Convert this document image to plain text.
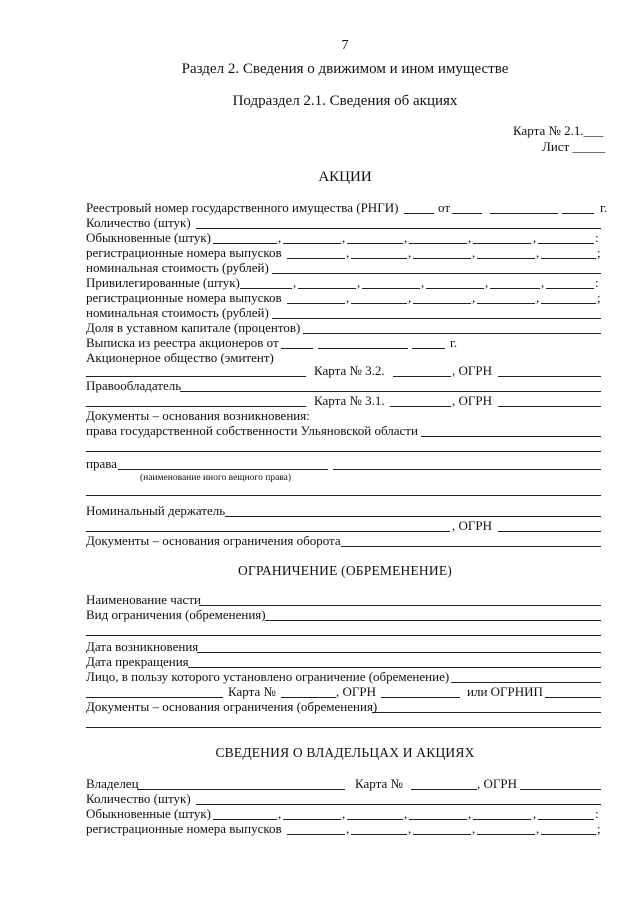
7
Раздел 2. Сведения о движимом и ином имуществе
Подраздел 2.1. Сведения об акциях
Карта № 2.1.___
Лист _____
АКЦИИ
Реестровый номер государственного имущества (РНГИ)	от	г.
Количество (штук)
Обыкновенные (штук)	,	,	,	,	,	:
регистрационные номера выпусков	,	,	,	,	;
номинальная стоимость (рублей)
Привилегированные (штук)	,	,	,	,	,	:
регистрационные номера выпусков	,	,	,	,	;
номинальная стоимость (рублей)
Доля в уставном капитале (процентов)
Выписка из реестра акционеров от	г.
Акционерное общество (эмитент)
Карта № 3.2.	, ОГРН
Правообладатель
Карта № 3.1.	, ОГРН
Документы – основания возникновения:
права государственной собственности Ульяновской области
права
(наименование иного вещного права)
Номинальный держатель
, ОГРН
Документы – основания ограничения оборота
ОГРАНИЧЕНИЕ (ОБРЕМЕНЕНИЕ)
Наименование части
Вид ограничения (обременения)
Дата возникновения
Дата прекращения
Лицо, в пользу которого установлено ограничение (обременение)
Карта №	, ОГРН	или ОГРНИП
Документы – основания ограничения (обременения)
СВЕДЕНИЯ О ВЛАДЕЛЬЦАХ И АКЦИЯХ
Владелец	Карта №	, ОГРН
Количество (штук)
Обыкновенные (штук)	,	,	,	,	,	:
регистрационные номера выпусков	,	,	,	,	;
